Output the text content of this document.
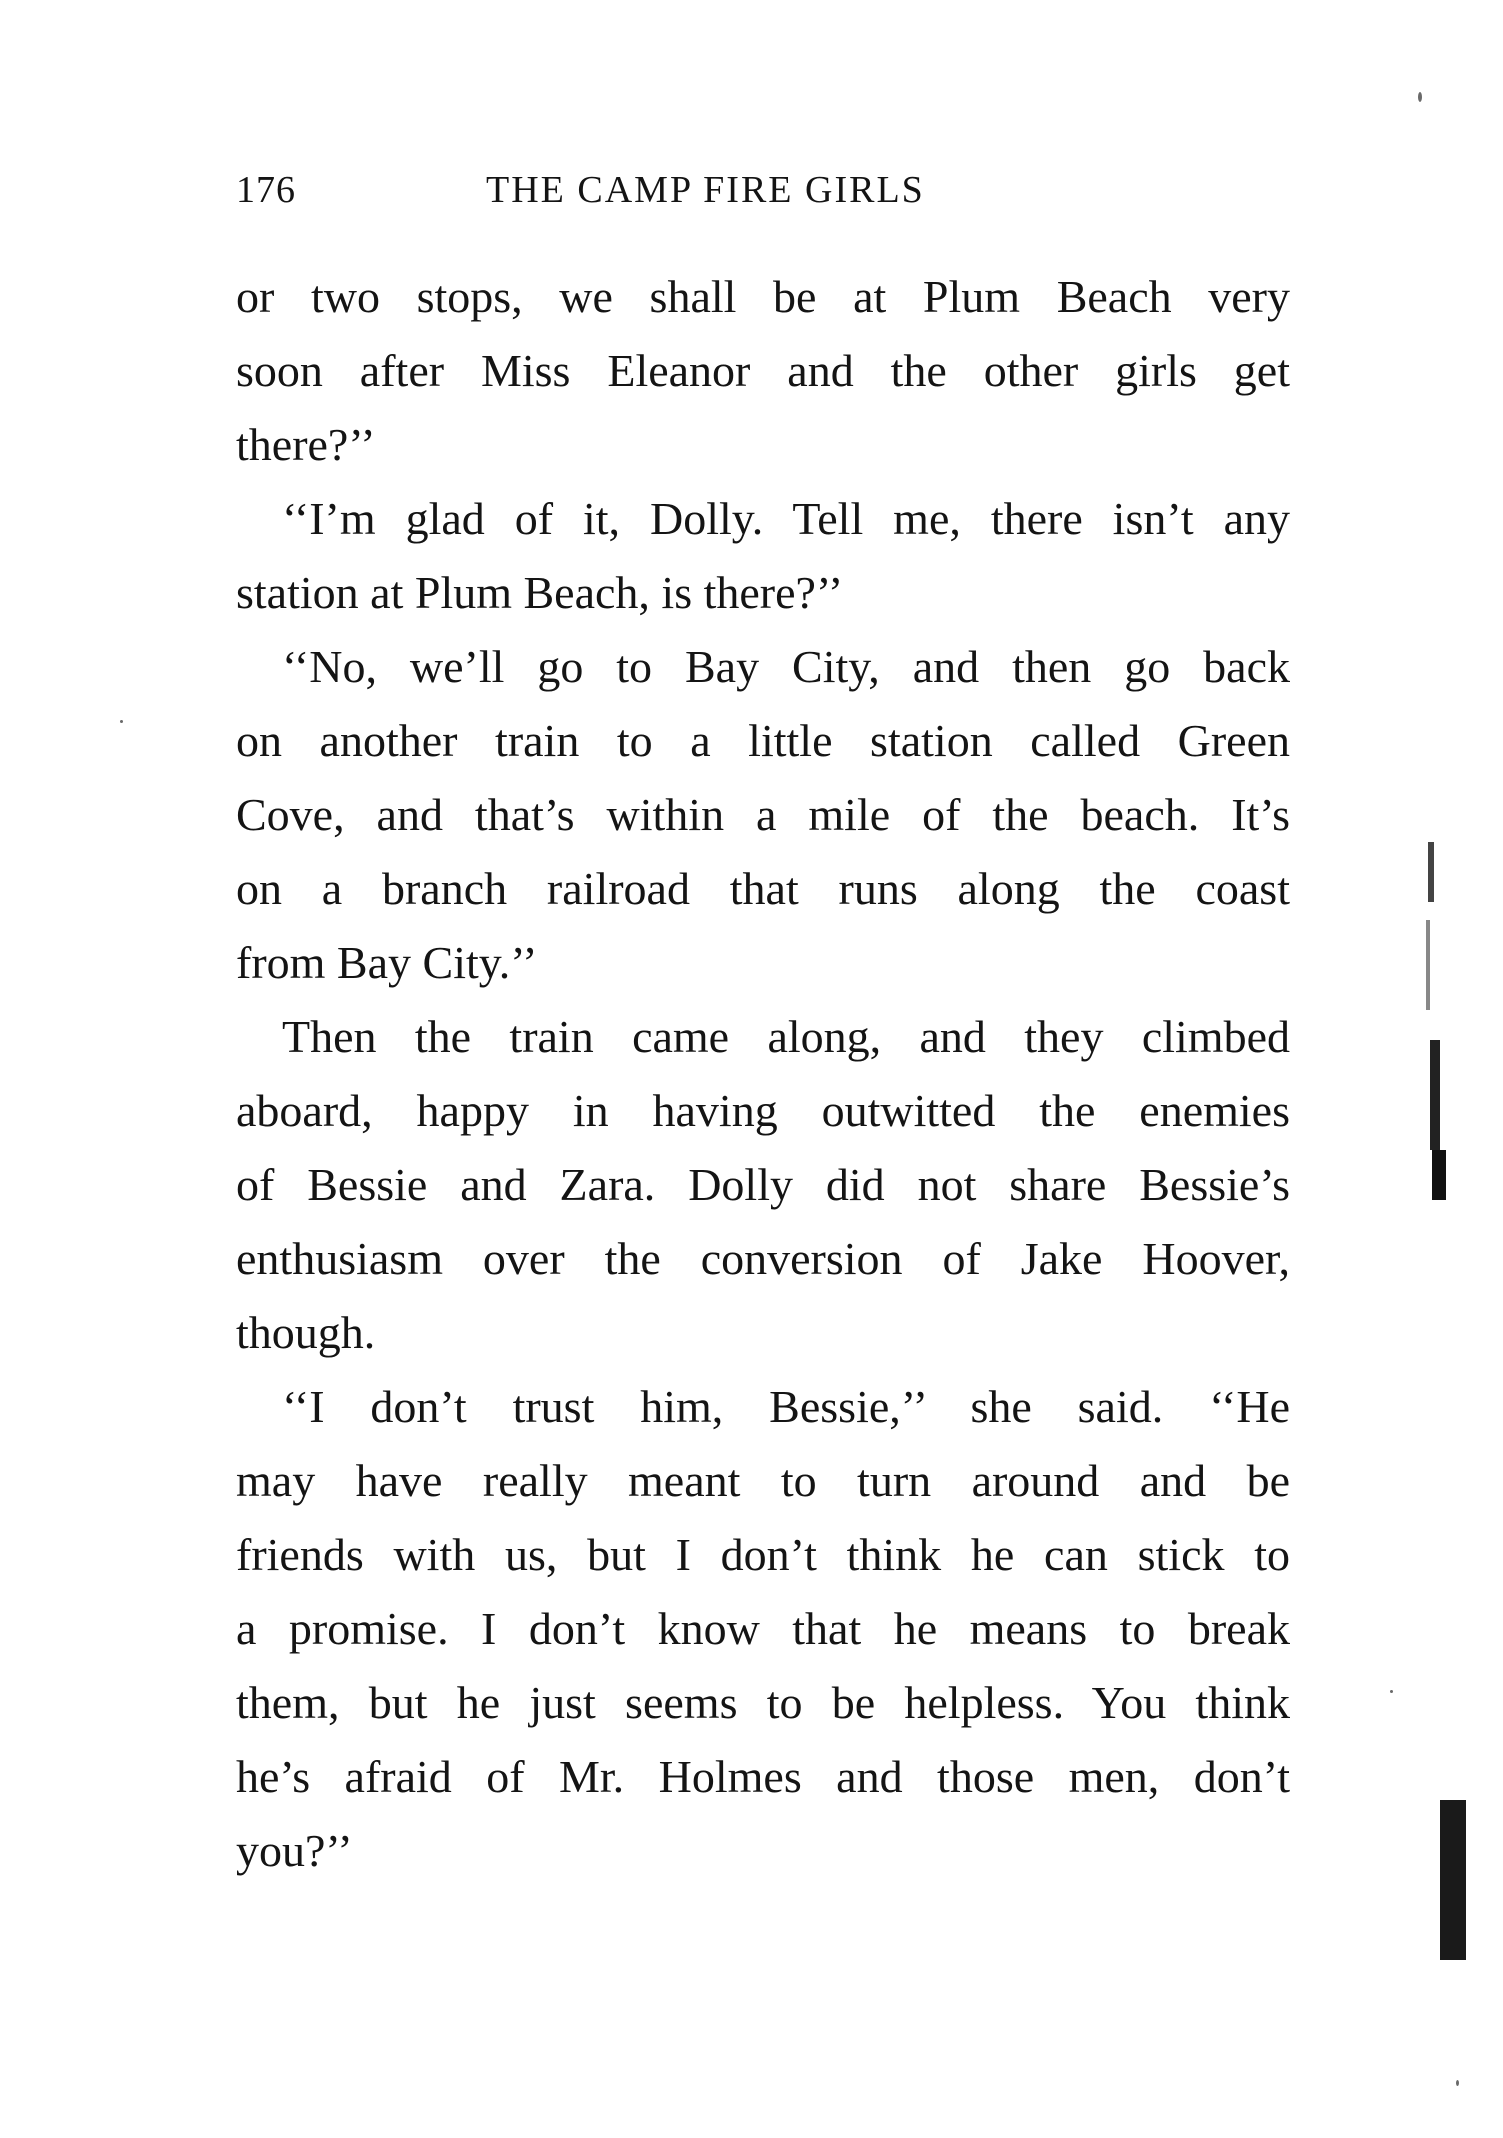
176	THE CAMP FIRE GIRLS
or two stops, we shall be at Plum Beach very
soon after Miss Eleanor and the other girls get
there?’’
‘‘I’m glad of it, Dolly. Tell me, there isn’t any
station at Plum Beach, is there?’’
‘‘No, we’ll go to Bay City, and then go back
on another train to a little station called Green
Cove, and that’s within a mile of the beach. It’s
on a branch railroad that runs along the coast
from Bay City.’’
Then the train came along, and they climbed
aboard, happy in having outwitted the enemies
of Bessie and Zara. Dolly did not share Bessie’s
enthusiasm over the conversion of Jake Hoover,
though.
‘‘I don’t trust him, Bessie,’’ she said. ‘‘He
may have really meant to turn around and be
friends with us, but I don’t think he can stick to
a promise. I don’t know that he means to break
them, but he just seems to be helpless. You think
he’s afraid of Mr. Holmes and those men, don’t
you?’’
